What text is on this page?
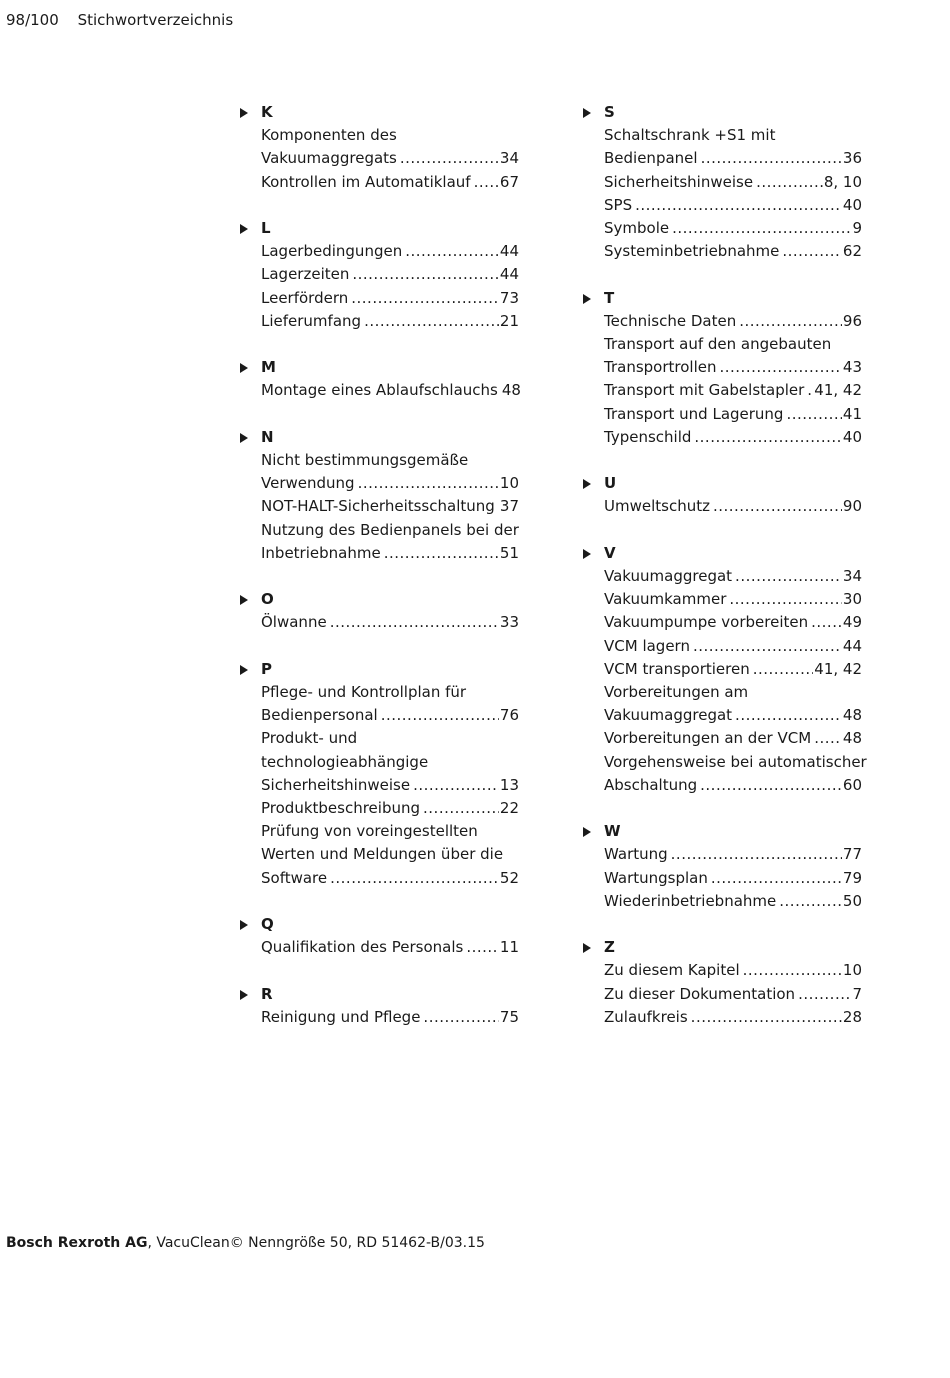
98/100 Stichwortverzeichnis
K
Komponenten des
Vakuumaggregats .....	34
Kontrollen im Automatiklauf ..... 67
L
Lagerbedingungen .....	44
Lagerzeiten .....	44
Leerfördern .....	73
Lieferumfang .....	21
M
Montage eines Ablaufschlauchs 48
N
Nicht bestimmungsgemäße
Verwendung .....	10
NOT-HALT-Sicherheitsschaltung ..... 37
Nutzung des Bedienpanels bei der
Inbetriebnahme .....	51
O
Ölwanne .....	33
P
Pflege- und Kontrollplan für
Bedienpersonal .....	76
Produkt- und
technologieabhängige
Sicherheitshinweise .....	13
Produktbeschreibung .....	22
Prüfung von voreingestellten
Werten und Meldungen über die
Software .....	52
Q
Qualifikation des Personals ..... 11
R
Reinigung und Pflege .....	75
S
Schaltschrank +S1 mit
Bedienpanel .....	36
Sicherheitshinweise .....	8, 10
SPS .....	40
Symbole .....	9
Systeminbetriebnahme .....	62
T
Technische Daten .....	96
Transport auf den angebauten
Transportrollen .....	43
Transport mit Gabelstapler ..... 41, 42
Transport und Lagerung .....	41
Typenschild .....	40
U
Umweltschutz .....	90
V
Vakuumaggregat .....	34
Vakuumkammer .....	30
Vakuumpumpe vorbereiten ..... 49
VCM lagern .....	44
VCM transportieren .....	41, 42
Vorbereitungen am
Vakuumaggregat .....	48
Vorbereitungen an der VCM ..... 48
Vorgehensweise bei automatischer
Abschaltung .....	60
W
Wartung .....	77
Wartungsplan .....	79
Wiederinbetriebnahme .....	50
Z
Zu diesem Kapitel .....	10
Zu dieser Dokumentation .....	7
Zulaufkreis .....	28
Bosch Rexroth AG, VacuClean© Nenngröße 50, RD 51462-B/03.15
